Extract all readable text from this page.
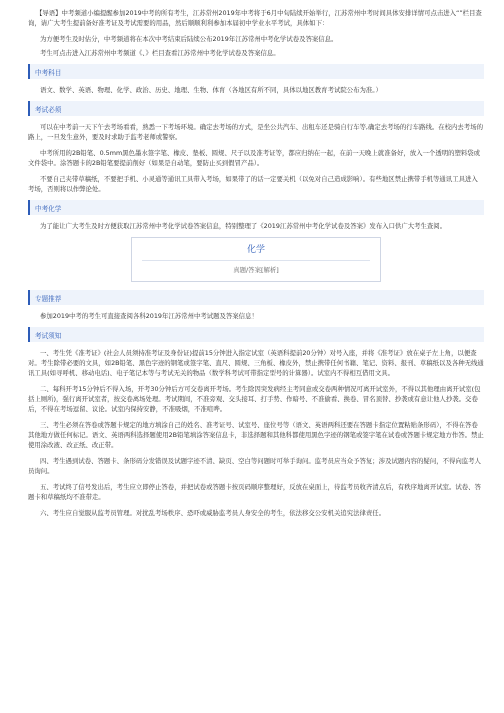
【导语】中考频道小编提醒参加2019中考的所有考生，江苏常州2019年中考将于6月中旬陆续开始举行，江苏常州中考时间具体安排详情可点击进入“”栏目查询，请广大考生提前备好准考证及考试需要的用品，然后顺顺利利参加本届初中学业水平考试，具体如下：

为方便考生及时估分，中考频道将在本次中考结束后陆续公布2019年江苏常州中考化学试卷及答案信息。

考生可点击进入江苏常州中考频道《、》栏目查看江苏常州中考化学试卷及答案信息。

中考科目

语文、数学、英语、物理、化学、政治、历史、地理、生物、体育（各地区有所不同，具体以地区教育考试院公布为准。）

考试必须

可以在中考前一天下午去考场看看，熟悉一下考场环境。确定去考场的方式，是坐公共汽车、出租车还是骑自行车等,确定去考场的行车路线。在校内去考场的路上，一旦发生意外，要及时求助于监考老师或警察。

中考所用的2B铅笔、0.5mm黑色墨水签字笔、橡皮、垫板、圆规、尺子以及准考证等，都应归纳在一起，在前一天晚上就准备好，放入一个透明的塑料袋或文件袋中。涂答题卡的2B铅笔要提前削好（如果是自动笔，要防止买到假冒产品）。

不要自己夹带草稿纸，不要把手机、小灵通等通讯工具带入考场，如果带了的话一定要关机（以免对自己造成影响）。有些地区禁止携带手机等通讯工具进入考场，否则将以作弊论处。

中考化学

为了能让广大考生及时方便获取江苏常州中考化学试卷答案信息，特别整理了《2019江苏常州中考化学试卷及答案》发布入口供广大考生查阅。

化学
真题/答案[解析]
专题推荐

参加2019中考的考生可直接查阅各科2019年江苏常州中考试题及答案信息！

考试须知

一、考生凭《准考证》(社会人员须持准考证及身份证)提前15分钟进入指定试室（英语科提前20分钟）对号入座，并将《准考证》放在桌子左上角，以便查对。考生除带必要的文具，如2B铅笔、黑色字迹的钢笔或签字笔、直尺、圆规、三角板、橡皮外，禁止携带任何书籍、笔记、资料、报刊、草稿纸以及各种无线通讯工具(如寻呼机、移动电话)、电子笔记本等与考试无关的物品（数学科考试可带指定型号的计算器）。试室内不得相互借用文具。

二、每科开考15分钟后不得入场，开考30分钟后方可交卷离开考场。考生除因突发病经主考同意或交卷两种情况可离开试室外，不得以其他理由离开试室(包括上厕所)，强行离开试室者，按交卷离场处理。考试期间，不准旁观、交头接耳、打手势、作暗号、不准偷看、换卷、冒名顶替、抄袭或有意让他人抄袭。交卷后，不得在考场逗留、议论。试室内保持安静，不准吸烟，不准喧哗。

三、考生必须在答卷或答题卡规定的地方填涂自己的姓名、准考证号、试室号、座位号等（语文、英语两科还要在答题卡指定位置粘贴条形码），不得在答卷其他地方做任何标记。语文、英语两科选择题使用2B铅笔填涂答案信息卡，非选择题和其他科都使用黑色字迹的钢笔或签字笔在试卷或答题卡规定地方作答。禁止使用涂改液、改正纸、改正带。

四、考生遇到试卷、答题卡、条形码分发错误及试题字迹不清、缺页、空白等问题时可举手询问。监考员应当众予答复；涉及试题内容的疑问，不得向监考人员询问。

五、考试终了信号发出后，考生应立即停止答卷，并把试卷或答题卡按页码顺序整理好，反放在桌面上，待监考员收齐清点后，有秩序地离开试室。试卷、答题卡和草稿纸均不准带走。

六、考生应自觉服从监考员管理。对扰乱考场秩序、恐吓或威胁监考员人身安全的考生，依法移交公安机关追究法律责任。
